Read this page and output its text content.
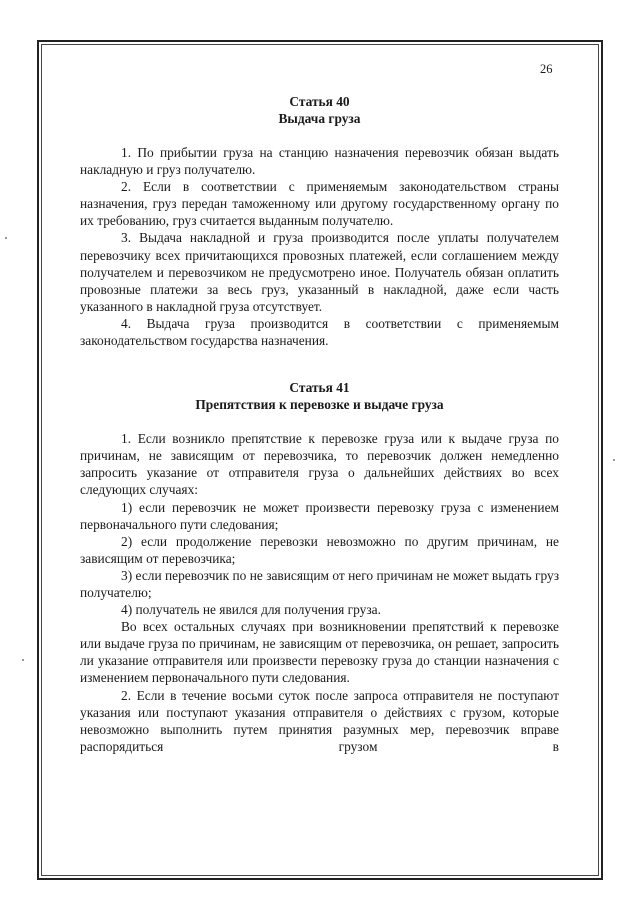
26
Статья 40
Выдача груза

1. По прибытии груза на станцию назначения перевозчик обязан выдать накладную и груз получателю.

2. Если в соответствии с применяемым законодательством страны назначения, груз передан таможенному или другому государственному органу по их требованию, груз считается выданным получателю.

3. Выдача накладной и груза производится после уплаты получателем перевозчику всех причитающихся провозных платежей, если соглашением между получателем и перевозчиком не предусмотрено иное. Получатель обязан оплатить провозные платежи за весь груз, указанный в накладной, даже если часть указанного в накладной груза отсутствует.

4. Выдача груза производится в соответствии с применяемым законодательством государства назначения.

Статья 41
Препятствия к перевозке и выдаче груза

1. Если возникло препятствие к перевозке груза или к выдаче груза по причинам, не зависящим от перевозчика, то перевозчик должен немедленно запросить указание от отправителя груза о дальнейших действиях во всех следующих случаях:

1) если перевозчик не может произвести перевозку груза с изменением первоначального пути следования;

2) если продолжение перевозки невозможно по другим причинам, не зависящим от перевозчика;

3) если перевозчик по не зависящим от него причинам не может выдать груз получателю;

4) получатель не явился для получения груза.

Во всех остальных случаях при возникновении препятствий к перевозке или выдаче груза по причинам, не зависящим от перевозчика, он решает, запросить ли указание отправителя или произвести перевозку груза до станции назначения с изменением первоначального пути следования.

2. Если в течение восьми суток после запроса отправителя не поступают указания или поступают указания отправителя о действиях с грузом, которые невозможно выполнить путем принятия разумных мер, перевозчик вправе распорядиться грузом в
